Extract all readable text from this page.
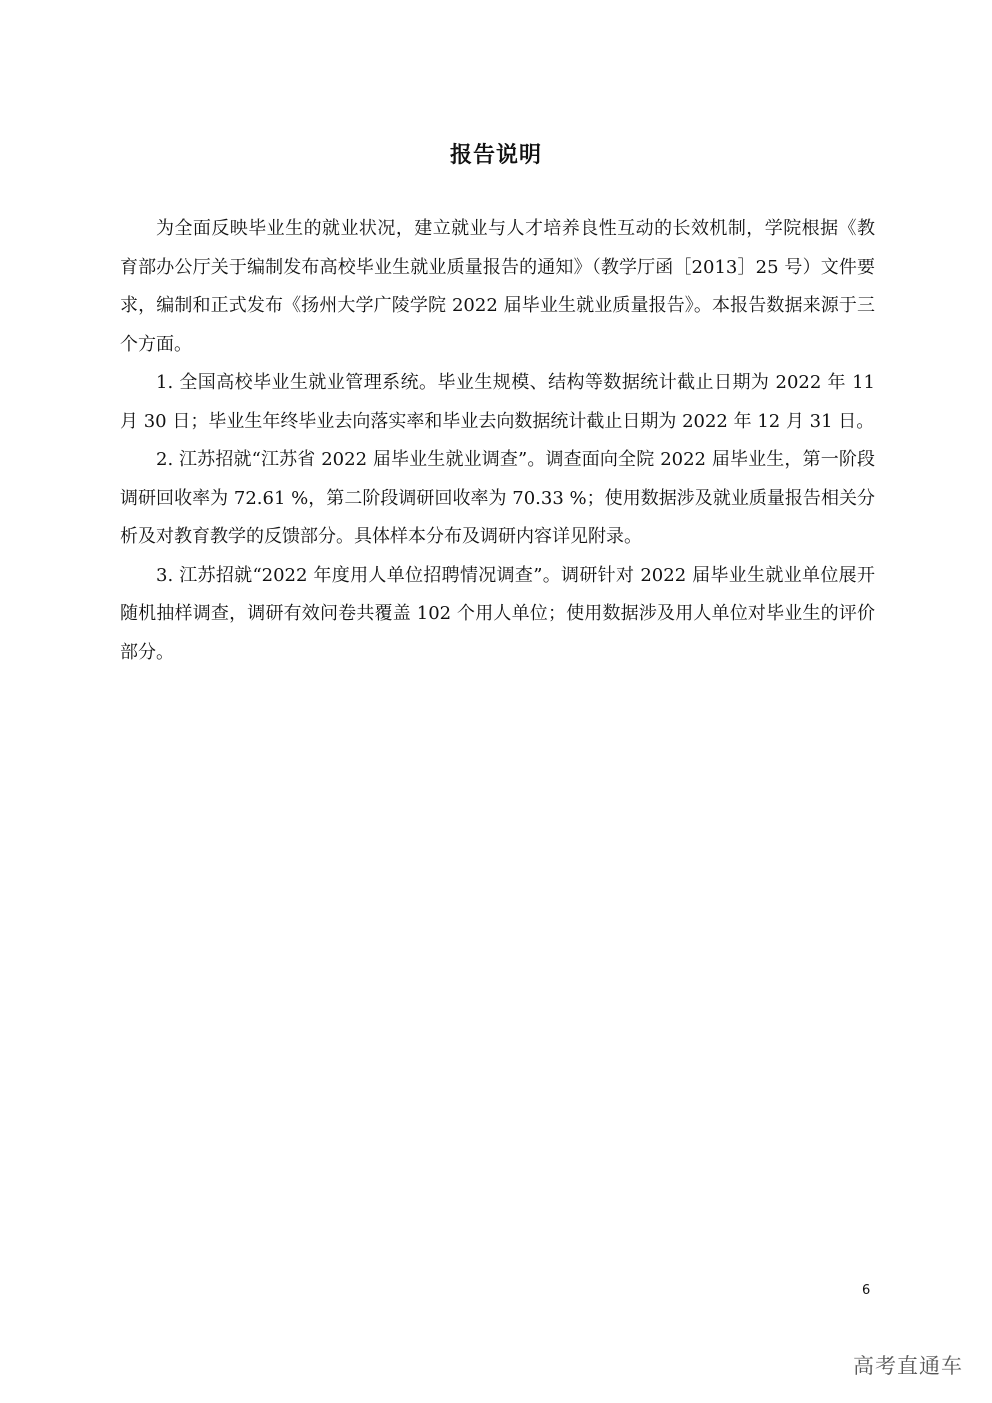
报告说明

为全面反映毕业生的就业状况，建立就业与人才培养良性互动的长效机制，学院根据《教育部办公厅关于编制发布高校毕业生就业质量报告的通知》（教学厅函［2013］25 号）文件要求，编制和正式发布《扬州大学广陵学院 2022 届毕业生就业质量报告》。本报告数据来源于三个方面。

1. 全国高校毕业生就业管理系统。毕业生规模、结构等数据统计截止日期为 2022 年 11 月 30 日；毕业生年终毕业去向落实率和毕业去向数据统计截止日期为 2022 年 12 月 31 日。

2. 江苏招就“江苏省 2022 届毕业生就业调查”。调查面向全院 2022 届毕业生，第一阶段调研回收率为 72.61 %，第二阶段调研回收率为 70.33 %；使用数据涉及就业质量报告相关分析及对教育教学的反馈部分。具体样本分布及调研内容详见附录。

3. 江苏招就“2022 年度用人单位招聘情况调查”。调研针对 2022 届毕业生就业单位展开随机抽样调查，调研有效问卷共覆盖 102 个用人单位；使用数据涉及用人单位对毕业生的评价部分。

6
高考直通车
